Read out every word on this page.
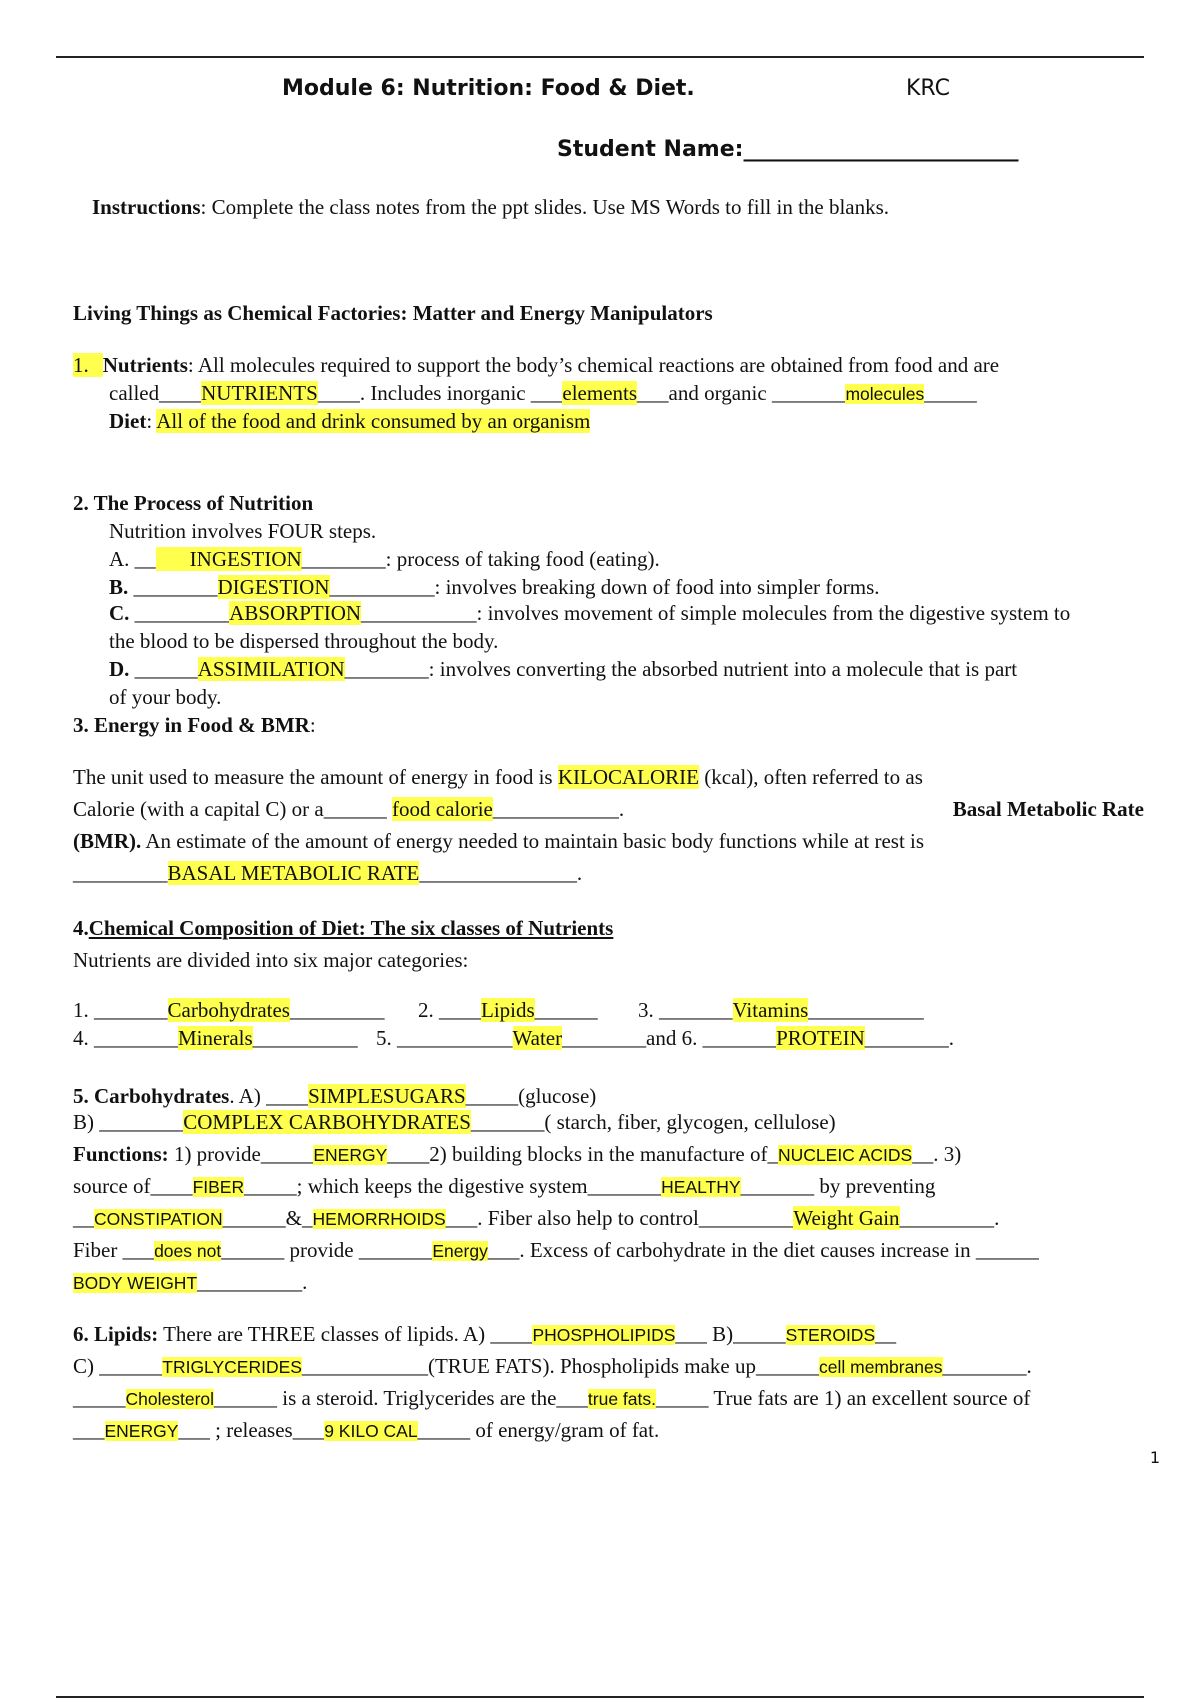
Module 6: Nutrition: Food & Diet.	KRC
Student Name:_________________________
Instructions: Complete the class notes from the ppt slides. Use MS Words to fill in the blanks.
Living Things as Chemical Factories: Matter and Energy Manipulators
1. Nutrients: All molecules required to support the body’s chemical reactions are obtained from food and are
called____NUTRIENTS____. Includes inorganic ___elements___and organic _______molecules_____
Diet: All of the food and drink consumed by an organism
2. The Process of Nutrition
Nutrition involves FOUR steps.
A. __ INGESTION________: process of taking food (eating).
B. ________DIGESTION__________: involves breaking down of food into simpler forms.
C. _________ABSORPTION___________: involves movement of simple molecules from the digestive system to
the blood to be dispersed throughout the body.
D. ______ASSIMILATION________: involves converting the absorbed nutrient into a molecule that is part
of your body.
3. Energy in Food & BMR:
The unit used to measure the amount of energy in food is KILOCALORIE (kcal), often referred to as
Calorie (with a capital C) or a______ food calorie____________.	Basal Metabolic Rate
(BMR). An estimate of the amount of energy needed to maintain basic body functions while at rest is
_________BASAL METABOLIC RATE_______________.
4.Chemical Composition of Diet: The six classes of Nutrients
Nutrients are divided into six major categories:
1. _______Carbohydrates_________ 2. ____Lipids______ 3. _______Vitamins___________
4. ________Minerals__________ 5. ___________Water________ and 6. _______PROTEIN________.
5. Carbohydrates. A) ____SIMPLESUGARS_____(glucose)
B) ________COMPLEX CARBOHYDRATES_______( starch, fiber, glycogen, cellulose)
Functions: 1) provide_____ENERGY____2) building blocks in the manufacture of_NUCLEIC ACIDS__. 3)
source of____FIBER_____; which keeps the digestive system_______HEALTHY_______ by preventing
__CONSTIPATION______&_HEMORRHOIDS___. Fiber also help to control_________Weight Gain_________.
Fiber ___does not______ provide _______Energy___. Excess of carbohydrate in the diet causes increase in ______
BODY WEIGHT__________.
6. Lipids: There are THREE classes of lipids. A) ____PHOSPHOLIPIDS___ B)_____STEROIDS__
C) ______TRIGLYCERIDES____________(TRUE FATS). Phospholipids make up______cell membranes________.
_____Cholesterol______ is a steroid. Triglycerides are the___true fats._____ True fats are 1) an excellent source of
___ENERGY___ ; releases___9 KILO CAL_____ of energy/gram of fat.
1
